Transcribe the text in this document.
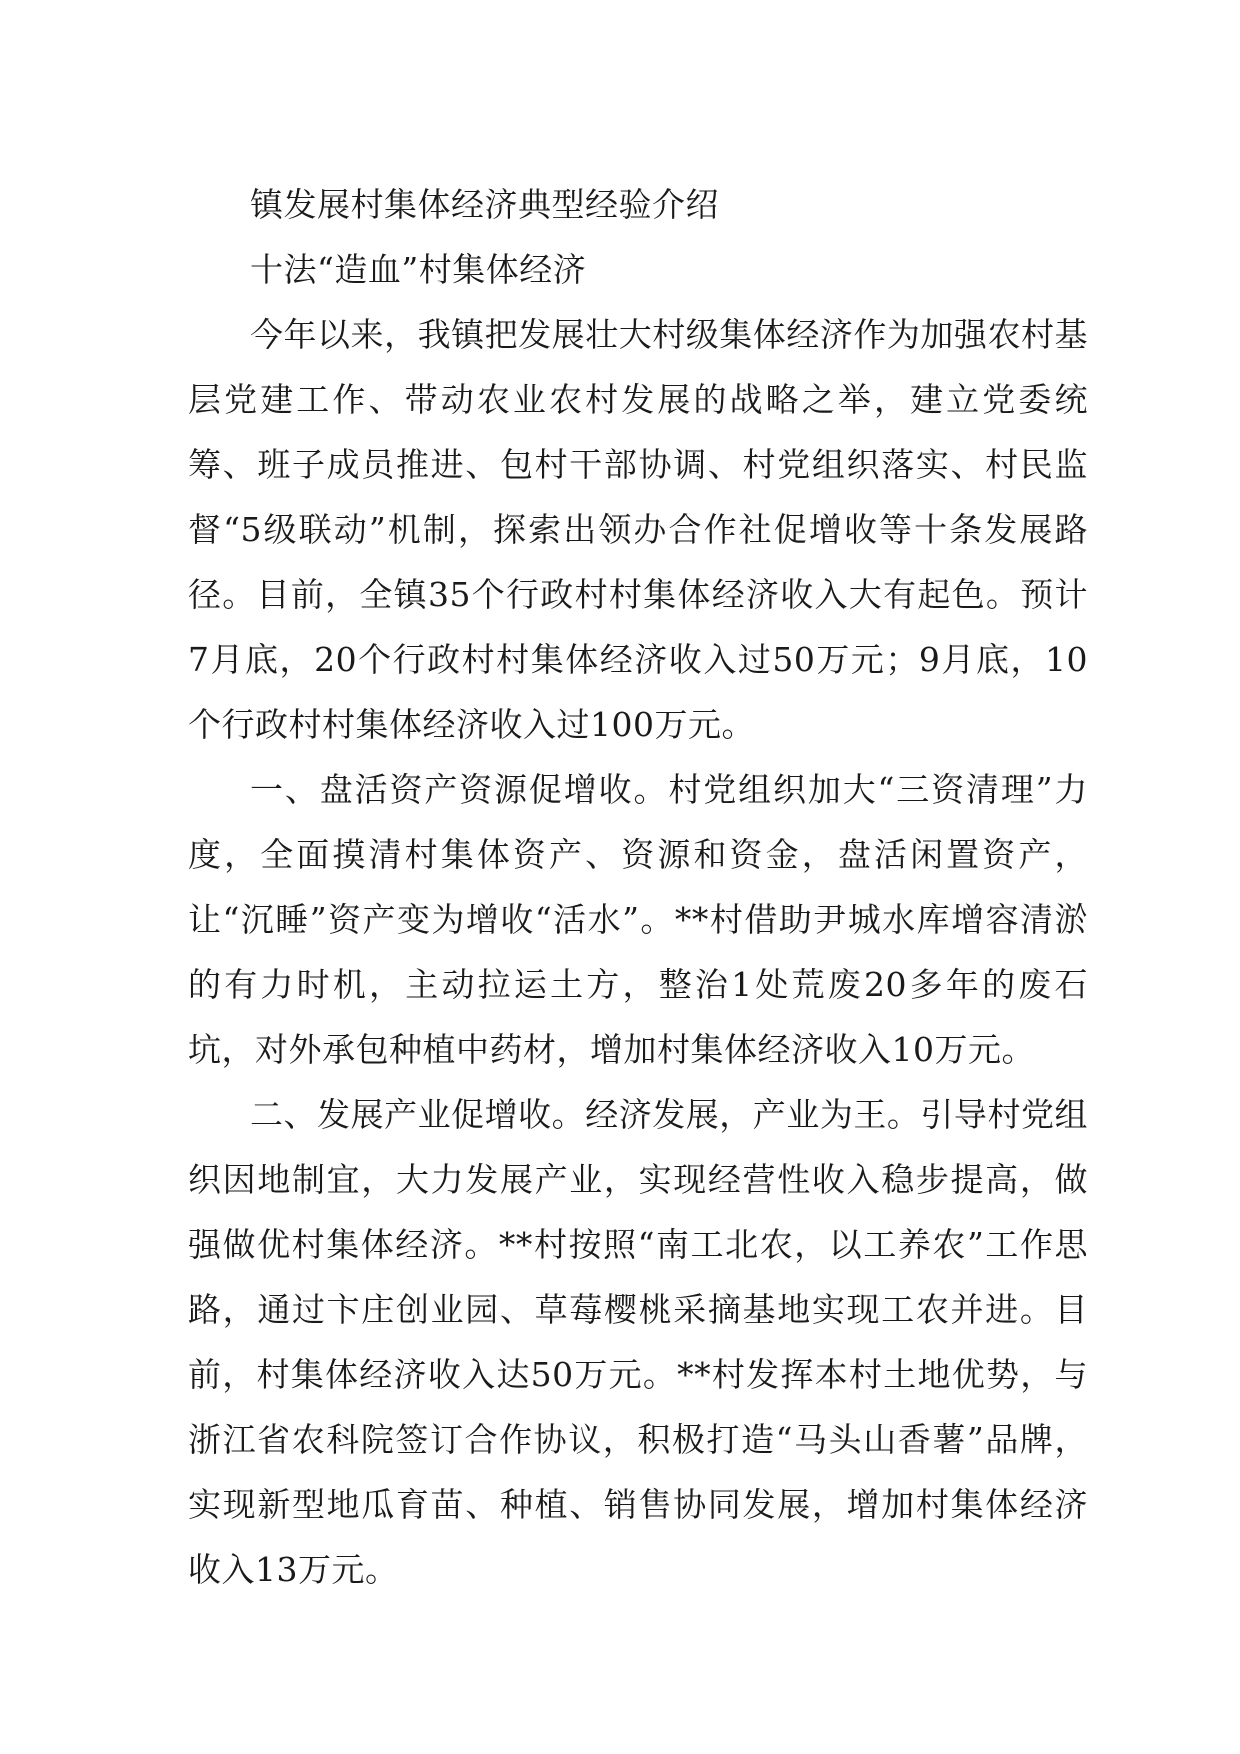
镇发展村集体经济典型经验介绍

十法“造血”村集体经济

今年以来，我镇把发展壮大村级集体经济作为加强农村基层党建工作、带动农业农村发展的战略之举，建立党委统筹、班子成员推进、包村干部协调、村党组织落实、村民监督“5级联动”机制，探索出领办合作社促增收等十条发展路径。目前，全镇35个行政村村集体经济收入大有起色。预计7月底，20个行政村村集体经济收入过50万元；9月底，10个行政村村集体经济收入过100万元。

一、盘活资产资源促增收。村党组织加大“三资清理”力度，全面摸清村集体资产、资源和资金，盘活闲置资产，让“沉睡”资产变为增收“活水”。**村借助尹城水库增容清淤的有力时机，主动拉运土方，整治1处荒废20多年的废石坑，对外承包种植中药材，增加村集体经济收入10万元。

二、发展产业促增收。经济发展，产业为王。引导村党组织因地制宜，大力发展产业，实现经营性收入稳步提高，做强做优村集体经济。**村按照“南工北农，以工养农”工作思路，通过卞庄创业园、草莓樱桃采摘基地实现工农并进。目前，村集体经济收入达50万元。**村发挥本村土地优势，与浙江省农科院签订合作协议，积极打造“马头山香薯”品牌，实现新型地瓜育苗、种植、销售协同发展，增加村集体经济收入13万元。
